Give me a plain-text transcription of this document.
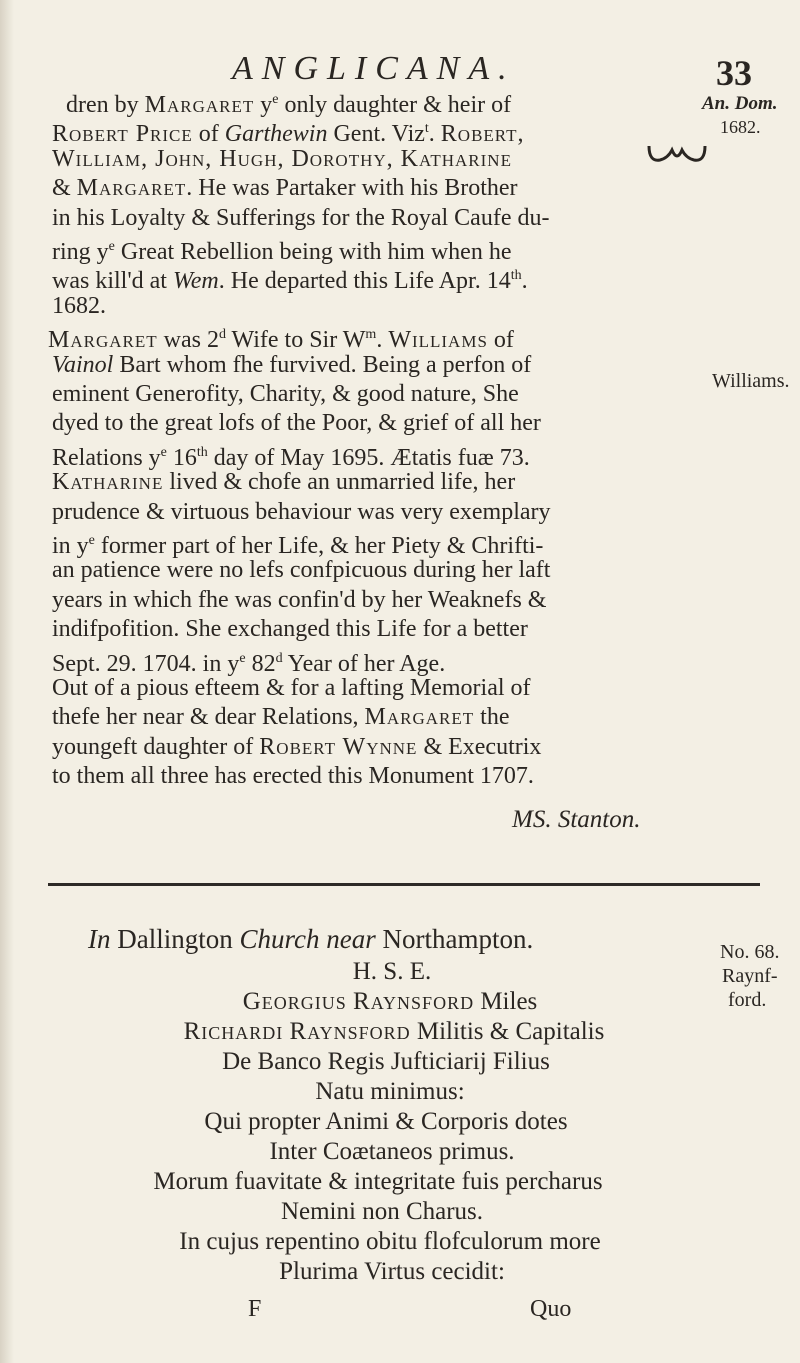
ANGLICANA.	33
An. Dom.
1682.
Williams.
No. 68.
Raynf-
ford.
dren by Margaret $y^e$ only daughter & heir of
Robert Price of Garthewin Gent. Viz$^t$. Robert,
William, John, Hugh, Dorothy, Katharine
& Margaret. He was Partaker with his Brother
in his Loyalty & Sufferings for the Royal Caufe du-
ring $y^e$ Great Rebellion being with him when he
was kill'd at Wem. He departed this Life Apr. 14th.
1682.
Margaret was 2$^d$ Wife to Sir $W^m$. Williams of
Vainol Bart whom fhe furvived. Being a perfon of
eminent Generofity, Charity, & good nature, She
dyed to the great lofs of the Poor, & grief of all her
Relations $y^e$ 16th day of May 1695. Ætatis fuæ 73.
Katharine lived & chofe an unmarried life, her
prudence & virtuous behaviour was very exemplary
in $y^e$ former part of her Life, & her Piety & Chrifti-
an patience were no lefs confpicuous during her laft
years in which fhe was confin'd by her Weaknefs &
indifpofition. She exchanged this Life for a better
Sept. 29. 1704. in $y^e$ 82$^d$ Year of her Age.
Out of a pious efteem & for a lafting Memorial of
thefe her near & dear Relations, Margaret the
youngeft daughter of Robert Wynne & Executrix
to them all three has erected this Monument 1707.
MS. Stanton.
In Dallington Church near Northampton.
H. S. E.
Georgius Raynsford Miles
Richardi Raynsford Militis & Capitalis
De Banco Regis Jufticiarij Filius
Natu minimus:
Qui propter Animi & Corporis dotes
Inter Coætaneos primus.
Morum fuavitate & integritate fuis percharus
Nemini non Charus.
In cujus repentino obitu flofculorum more
Plurima Virtus cecidit:
F	Quo
